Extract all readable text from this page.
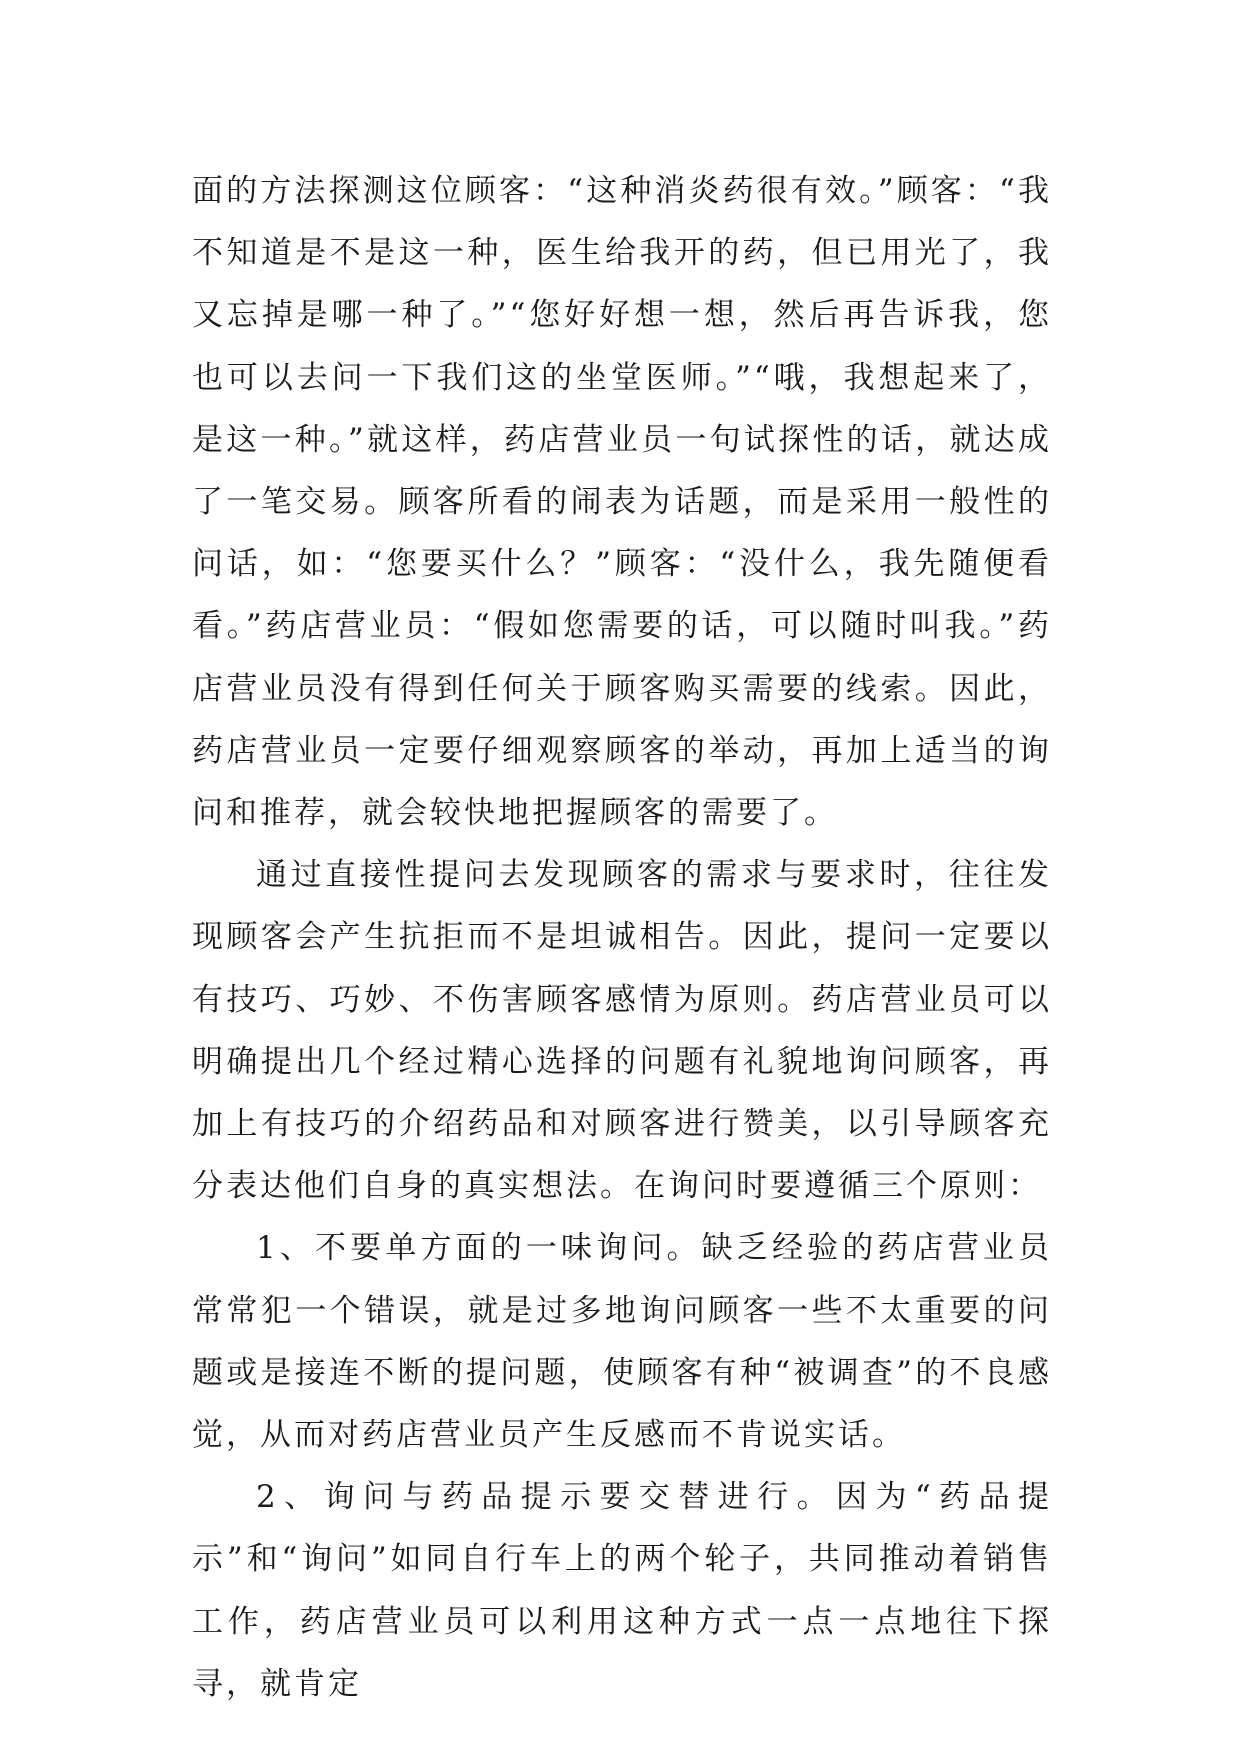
面的方法探测这位顾客：“这种消炎药很有效。”顾客：“我不知道是不是这一种，医生给我开的药，但已用光了，我又忘掉是哪一种了。”“您好好想一想，然后再告诉我，您也可以去问一下我们这的坐堂医师。”“哦，我想起来了，是这一种。”就这样，药店营业员一句试探性的话，就达成了一笔交易。顾客所看的闹表为话题，而是采用一般性的问话，如：“您要买什么？”顾客：“没什么，我先随便看看。”药店营业员：“假如您需要的话，可以随时叫我。”药店营业员没有得到任何关于顾客购买需要的线索。因此，药店营业员一定要仔细观察顾客的举动，再加上适当的询问和推荐，就会较快地把握顾客的需要了。

通过直接性提问去发现顾客的需求与要求时，往往发现顾客会产生抗拒而不是坦诚相告。因此，提问一定要以有技巧、巧妙、不伤害顾客感情为原则。药店营业员可以明确提出几个经过精心选择的问题有礼貌地询问顾客，再加上有技巧的介绍药品和对顾客进行赞美，以引导顾客充分表达他们自身的真实想法。在询问时要遵循三个原则：

1、不要单方面的一味询问。缺乏经验的药店营业员常常犯一个错误，就是过多地询问顾客一些不太重要的问题或是接连不断的提问题，使顾客有种“被调查”的不良感觉，从而对药店营业员产生反感而不肯说实话。

2、询问与药品提示要交替进行。因为“药品提示”和“询问”如同自行车上的两个轮子，共同推动着销售工作，药店营业员可以利用这种方式一点一点地往下探寻，就肯定
